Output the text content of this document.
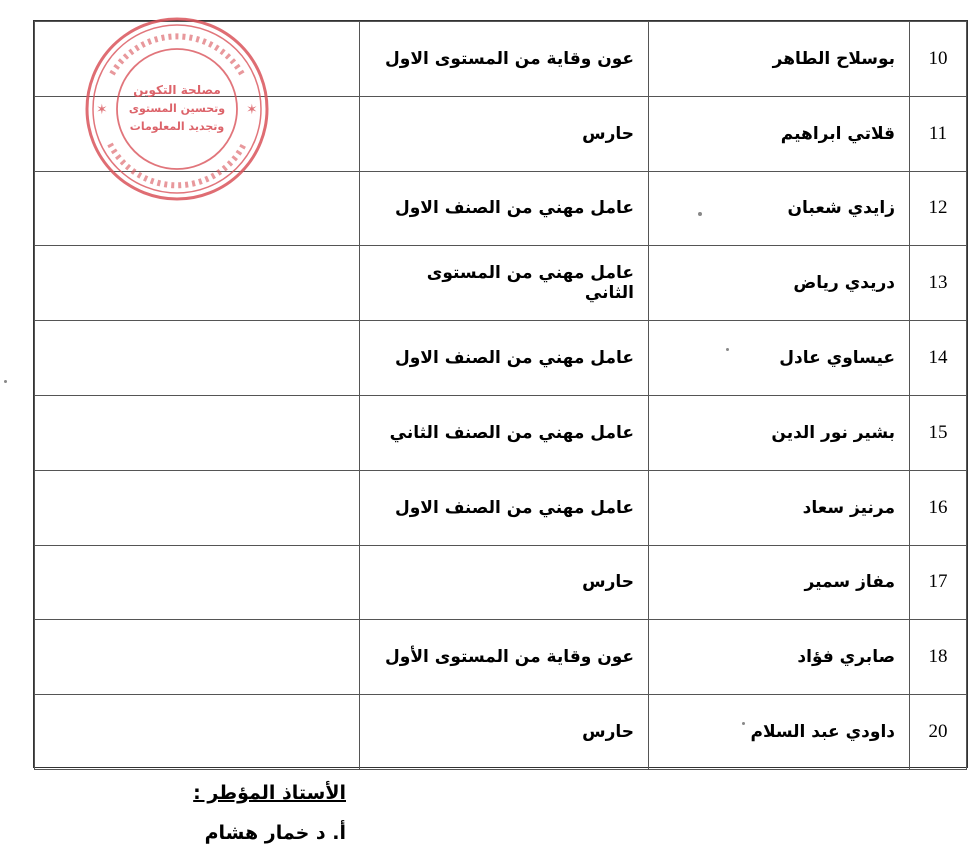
10	بوسلاح الطاهر	عون وقاية من المستوى الاول	
11	قلاتي ابراهيم	حارس	
12	زايدي شعبان	عامل مهني من الصنف الاول	
13	دريدي رياض	عامل مهني من المستوى الثاني	
14	عيساوي عادل	عامل مهني من الصنف الاول	
15	بشير نور الدين	عامل مهني من الصنف الثاني	
16	مرنيز سعاد	عامل مهني من الصنف الاول	
17	مفاز سمير	حارس	
18	صابري فؤاد	عون وقاية من المستوى الأول	
20	داودي عبد السلام	حارس	
✶	✶
مصلحة التكوين
وتحسين المستوى
وتجديد المعلومات
الأستاذ المؤطر :
أ. د خمار هشام
